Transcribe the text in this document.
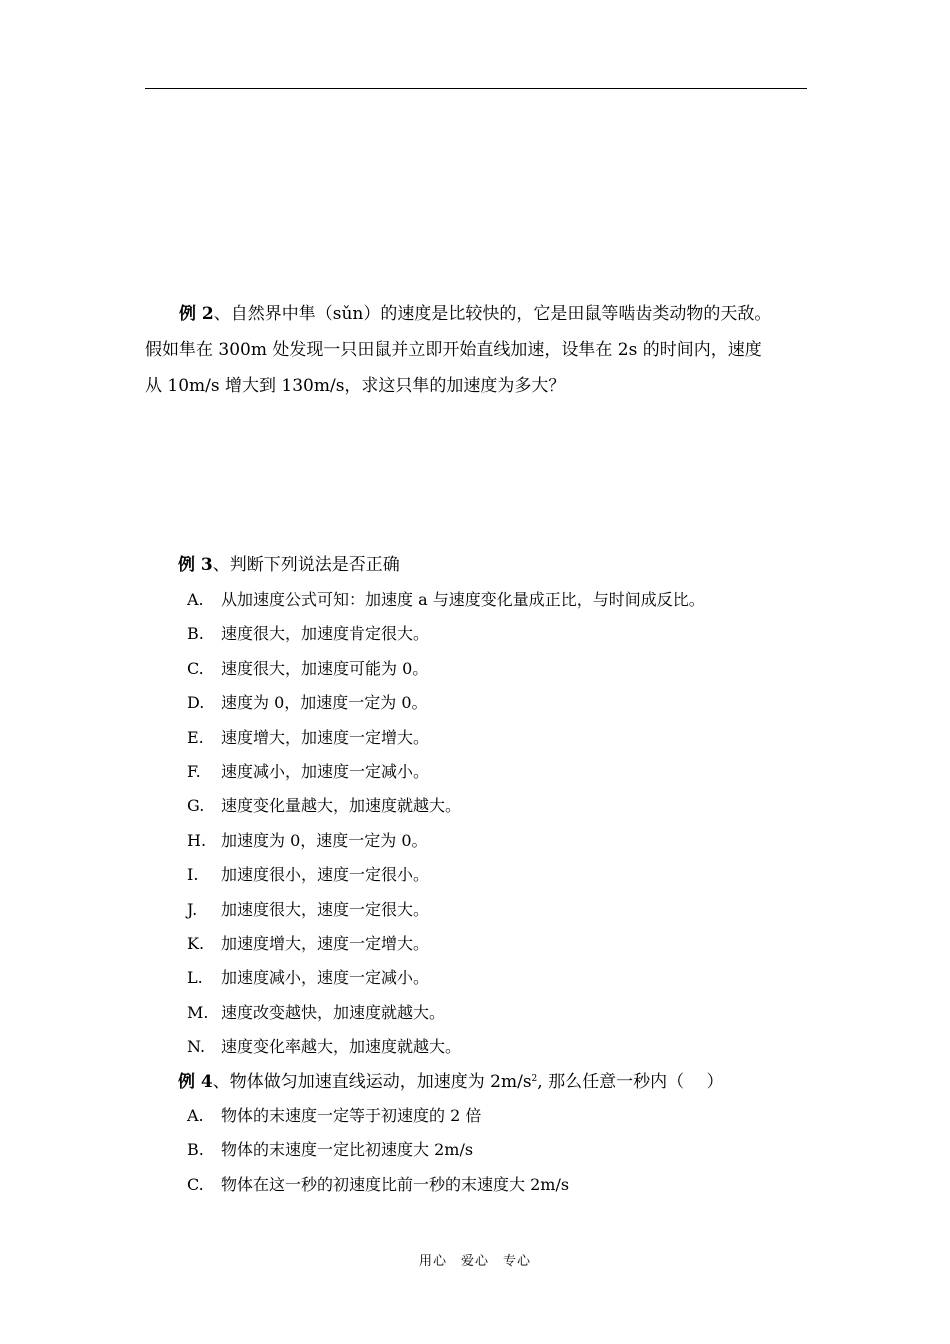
例 2、自然界中隼（sǔn）的速度是比较快的，它是田鼠等啮齿类动物的天敌。
假如隼在 300m 处发现一只田鼠并立即开始直线加速，设隼在 2s 的时间内，速度
从 10m/s 增大到 130m/s，求这只隼的加速度为多大？

例 3、判断下列说法是否正确
A. 从加速度公式可知：加速度 a 与速度变化量成正比，与时间成反比。
B. 速度很大，加速度肯定很大。
C. 速度很大，加速度可能为 0。
D. 速度为 0，加速度一定为 0。
E. 速度增大，加速度一定增大。
F. 速度减小，加速度一定减小。
G. 速度变化量越大，加速度就越大。
H. 加速度为 0，速度一定为 0。
I. 加速度很小，速度一定很小。
J. 加速度很大，速度一定很大。
K. 加速度增大，速度一定增大。
L. 加速度减小，速度一定减小。
M. 速度改变越快，加速度就越大。
N. 速度变化率越大，加速度就越大。
例 4、物体做匀加速直线运动，加速度为 $2m/s^2$, 那么任意一秒内（　 ）
A. 物体的末速度一定等于初速度的 2 倍
B. 物体的末速度一定比初速度大 2m/s
C. 物体在这一秒的初速度比前一秒的末速度大 2m/s
用心　爱心　专心
